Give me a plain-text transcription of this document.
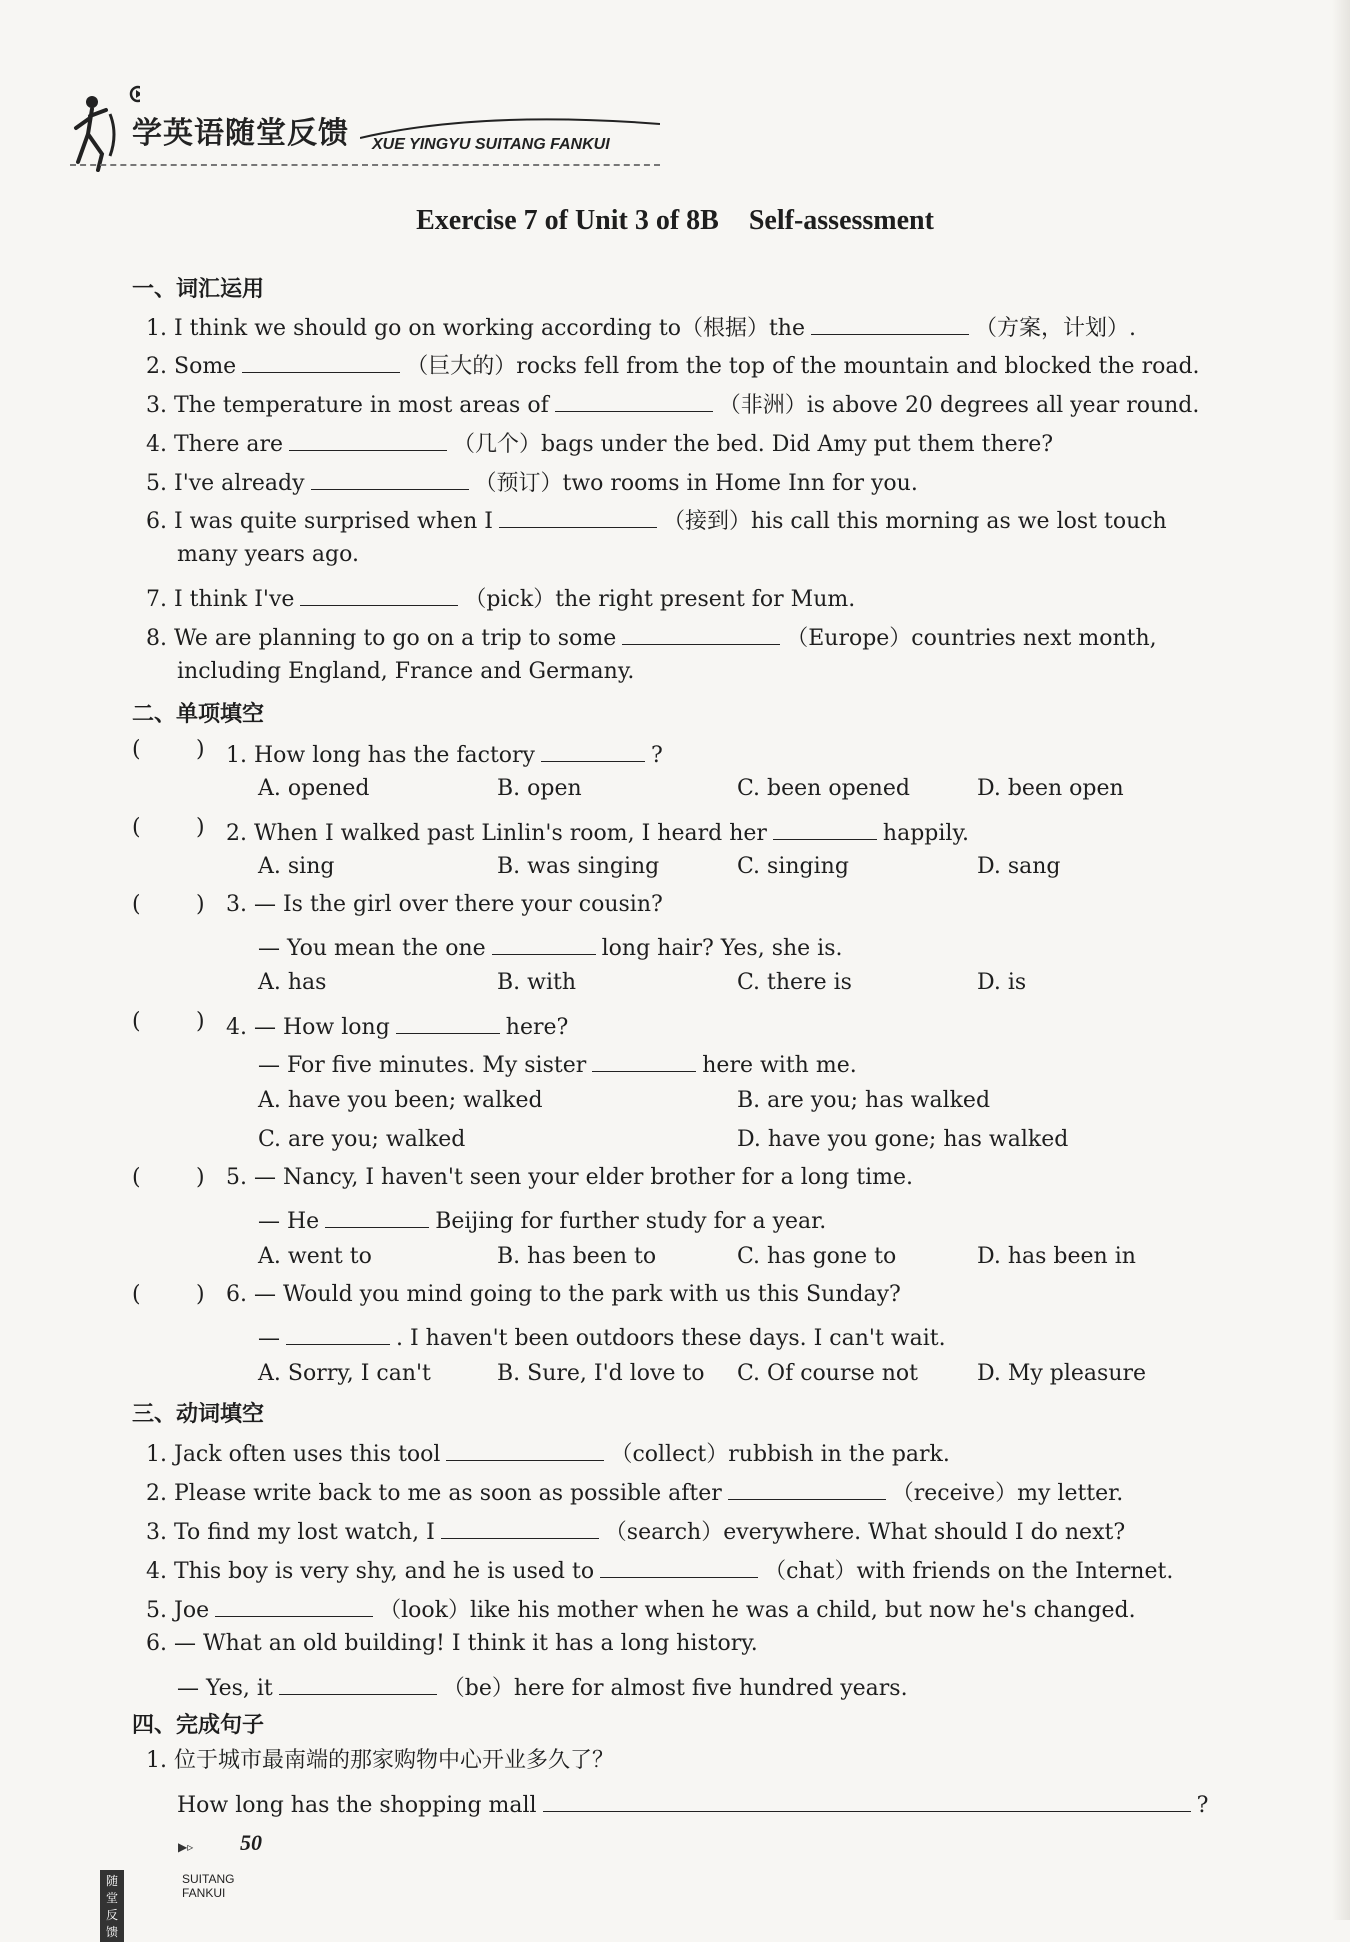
学英语随堂反馈 XUE YINGYU SUITANG FANKUI
Exercise 7 of Unit 3 of 8B Self-assessment
一、词汇运用
1. I think we should go on working according to（根据）the	（方案，计划）.
2. Some	（巨大的）rocks fell from the top of the mountain and blocked the road.
3. The temperature in most areas of	（非洲）is above 20 degrees all year round.
4. There are	（几个）bags under the bed. Did Amy put them there?
5. I've already	（预订）two rooms in Home Inn for you.
6. I was quite surprised when I	（接到）his call this morning as we lost touch
many years ago.
7. I think I've	（pick）the right present for Mum.
8. We are planning to go on a trip to some	（Europe）countries next month,
including England, France and Germany.
二、单项填空
(	) 1. How long has the factory	?
A. opened	B. open	C. been opened	D. been open
(	) 2. When I walked past Linlin's room, I heard her	happily.
A. sing	B. was singing	C. singing	D. sang
(	) 3. — Is the girl over there your cousin?
— You mean the one	long hair? Yes, she is.
A. has	B. with	C. there is	D. is
(	) 4. — How long	here?
— For five minutes. My sister	here with me.
A. have you been; walked	B. are you; has walked
C. are you; walked	D. have you gone; has walked
(	) 5. — Nancy, I haven't seen your elder brother for a long time.
— He	Beijing for further study for a year.
A. went to	B. has been to	C. has gone to	D. has been in
(	) 6. — Would you mind going to the park with us this Sunday?
—	. I haven't been outdoors these days. I can't wait.
A. Sorry, I can't	B. Sure, I'd love to C. Of course not	D. My pleasure
三、动词填空
1. Jack often uses this tool	（collect）rubbish in the park.
2. Please write back to me as soon as possible after	（receive）my letter.
3. To find my lost watch, I	（search）everywhere. What should I do next?
4. This boy is very shy, and he is used to	（chat）with friends on the Internet.
5. Joe	（look）like his mother when he was a child, but now he's changed.
6. — What an old building! I think it has a long history.
— Yes, it	（be）here for almost five hundred years.
四、完成句子
1. 位于城市最南端的那家购物中心开业多久了？
How long has the shopping mall	?
▶▹ 50
随堂反馈
SUITANG FANKUI
